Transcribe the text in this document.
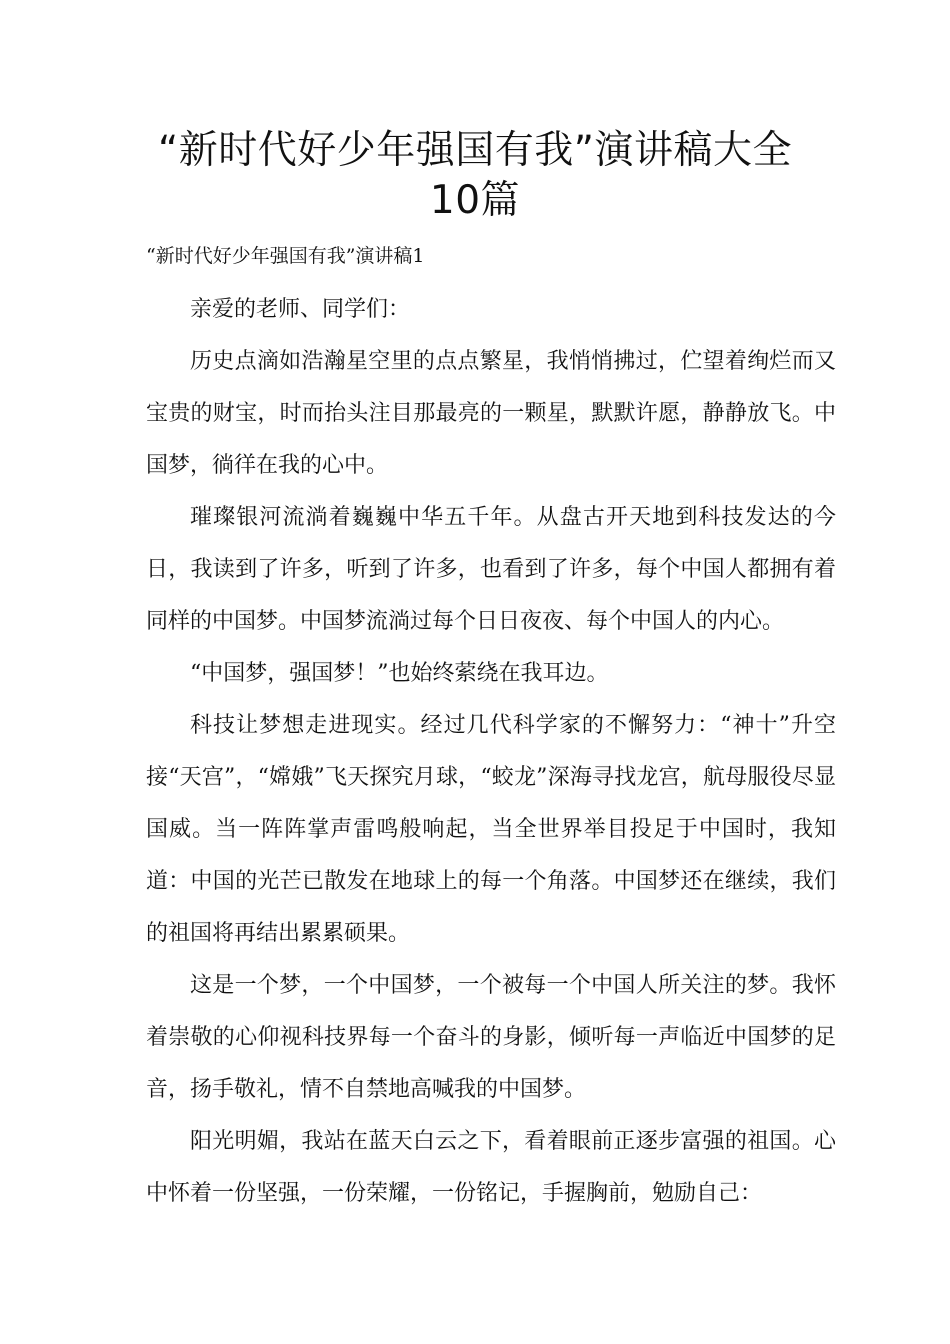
“新时代好少年强国有我”演讲稿大全
10篇

“新时代好少年强国有我”演讲稿1

亲爱的老师、同学们：

历史点滴如浩瀚星空里的点点繁星，我悄悄拂过，伫望着绚烂而又宝贵的财宝，时而抬头注目那最亮的一颗星，默默许愿，静静放飞。中国梦，徜徉在我的心中。

璀璨银河流淌着巍巍中华五千年。从盘古开天地到科技发达的今日，我读到了许多，听到了许多，也看到了许多，每个中国人都拥有着同样的中国梦。中国梦流淌过每个日日夜夜、每个中国人的内心。

“中国梦，强国梦！”也始终萦绕在我耳边。

科技让梦想走进现实。经过几代科学家的不懈努力：“神十”升空接“天宫”，“嫦娥”飞天探究月球，“蛟龙”深海寻找龙宫，航母服役尽显国威。当一阵阵掌声雷鸣般响起，当全世界举目投足于中国时，我知道：中国的光芒已散发在地球上的每一个角落。中国梦还在继续，我们的祖国将再结出累累硕果。

这是一个梦，一个中国梦，一个被每一个中国人所关注的梦。我怀着崇敬的心仰视科技界每一个奋斗的身影，倾听每一声临近中国梦的足音，扬手敬礼，情不自禁地高喊我的中国梦。

阳光明媚，我站在蓝天白云之下，看着眼前正逐步富强的祖国。心中怀着一份坚强，一份荣耀，一份铭记，手握胸前，勉励自己：
